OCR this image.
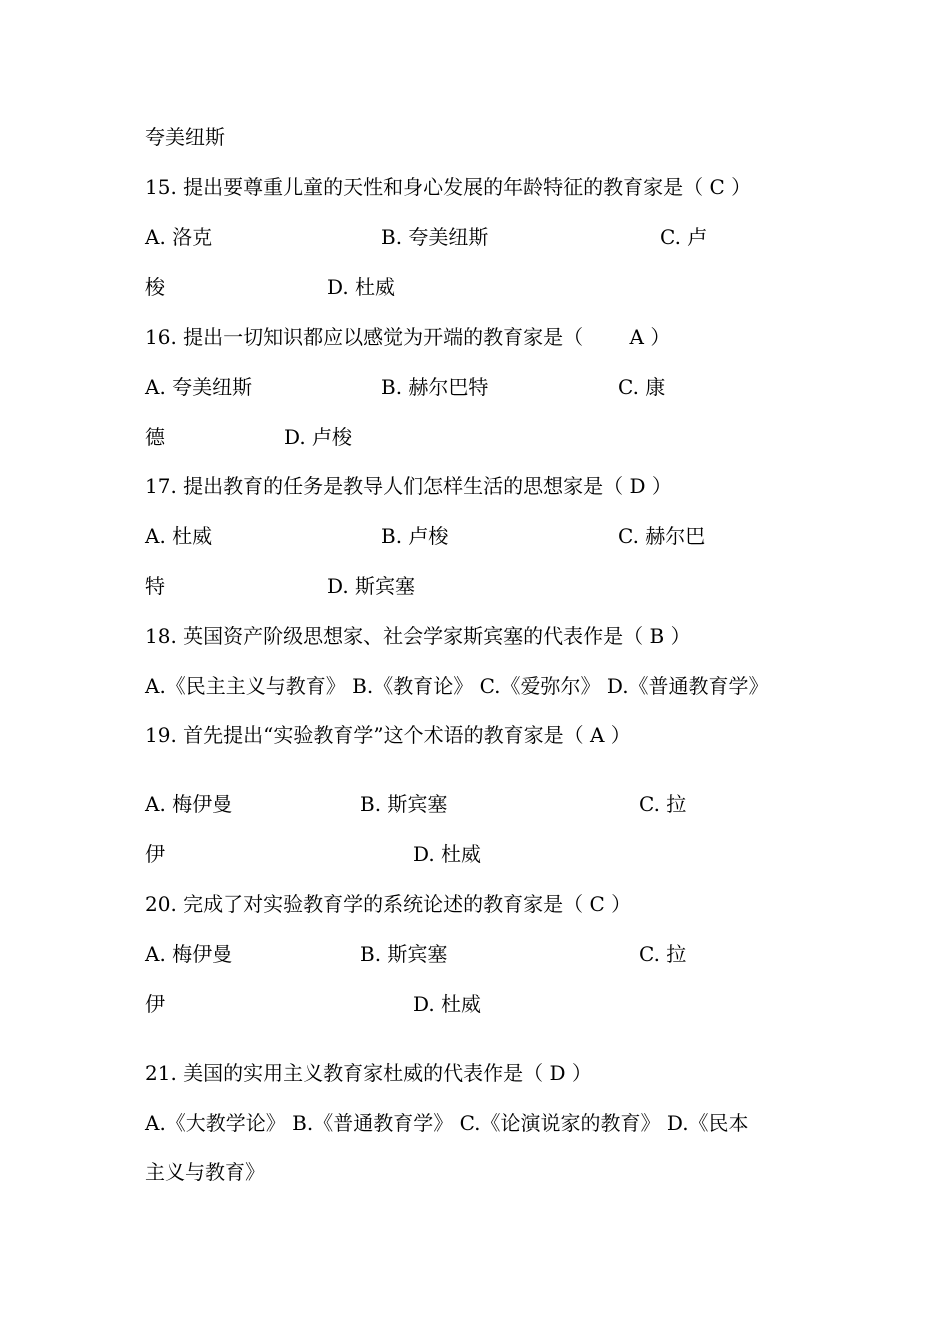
夸美纽斯
15. 提出要尊重儿童的天性和身心发展的年龄特征的教育家是（ C ）
A. 洛克	B. 夸美纽斯	C. 卢
梭	D. 杜威
16. 提出一切知识都应以感觉为开端的教育家是（　　 A ）
A. 夸美纽斯	B. 赫尔巴特	C. 康
德	D. 卢梭
17. 提出教育的任务是教导人们怎样生活的思想家是（ D ）
A. 杜威	B. 卢梭	C. 赫尔巴
特	D. 斯宾塞
18. 英国资产阶级思想家、社会学家斯宾塞的代表作是（ B ）
A.《民主主义与教育》 B.《教育论》 C.《爱弥尔》 D.《普通教育学》
19. 首先提出“实验教育学”这个术语的教育家是（ A ）
A. 梅伊曼	B. 斯宾塞	C. 拉
伊	D. 杜威
20. 完成了对实验教育学的系统论述的教育家是（ C ）
A. 梅伊曼	B. 斯宾塞	C. 拉
伊	D. 杜威
21. 美国的实用主义教育家杜威的代表作是（ D ）
A.《大教学论》 B.《普通教育学》 C.《论演说家的教育》 D.《民本
主义与教育》
